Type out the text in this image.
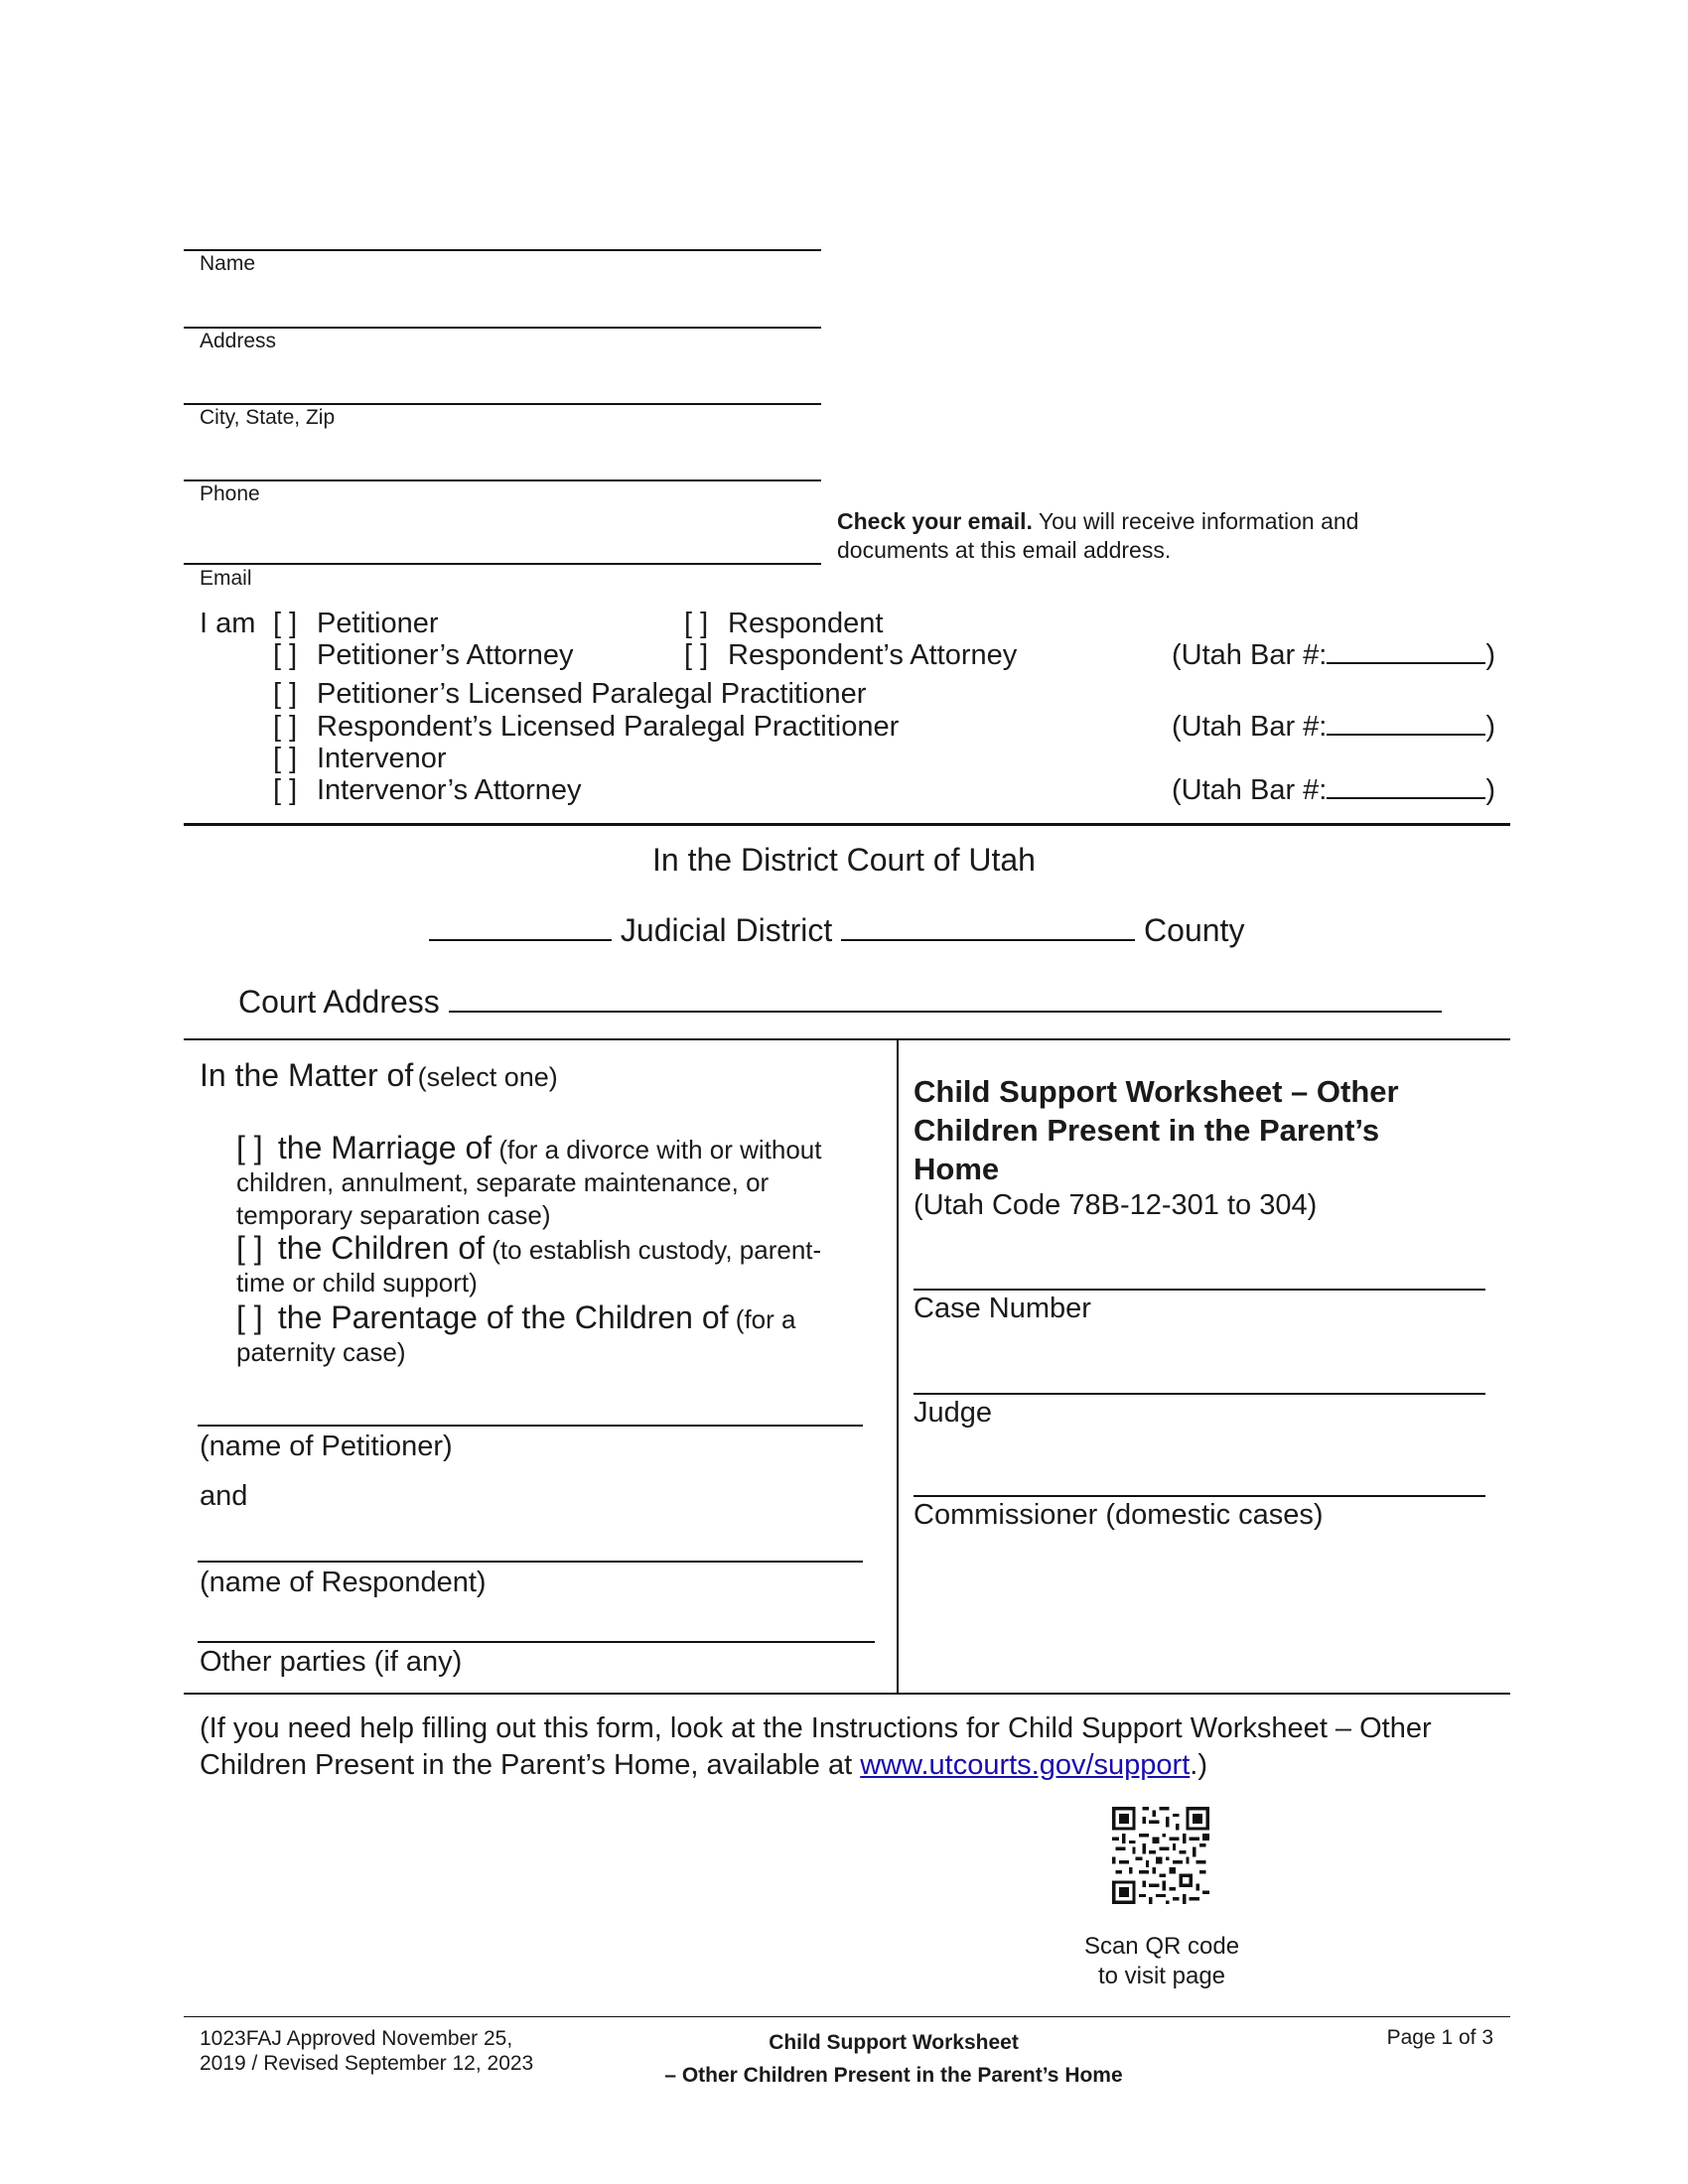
Name
Address
City, State, Zip
Phone
Email
Check your email. You will receive information and
documents at this email address.
I am [ ] Petitioner	[ ] Respondent
[ ] Petitioner’s Attorney	[ ] Respondent’s Attorney	(Utah Bar #:	)
[ ] Petitioner’s Licensed Paralegal Practitioner
[ ] Respondent’s Licensed Paralegal Practitioner	(Utah Bar #:	)
[ ] Intervenor
[ ] Intervenor’s Attorney	(Utah Bar #:	)
In the District Court of Utah
Judicial District	County
Court Address
In the Matter of (select one)
[ ] the Marriage of (for a divorce with or without
children, annulment, separate maintenance, or
temporary separation case)
[ ] the Children of (to establish custody, parent-
time or child support)
[ ] the Parentage of the Children of (for a
paternity case)
(name of Petitioner)
and
(name of Respondent)
Other parties (if any)
Child Support Worksheet – Other
Children Present in the Parent’s
Home
(Utah Code 78B-12-301 to 304)
Case Number
Judge
Commissioner (domestic cases)
(If you need help filling out this form, look at the Instructions for Child Support Worksheet – Other
Children Present in the Parent’s Home, available at www.utcourts.gov/support.)
Scan QR code
to visit page
1023FAJ Approved November 25,
2019 / Revised September 12, 2023
Child Support Worksheet
– Other Children Present in the Parent’s Home
Page 1 of 3
